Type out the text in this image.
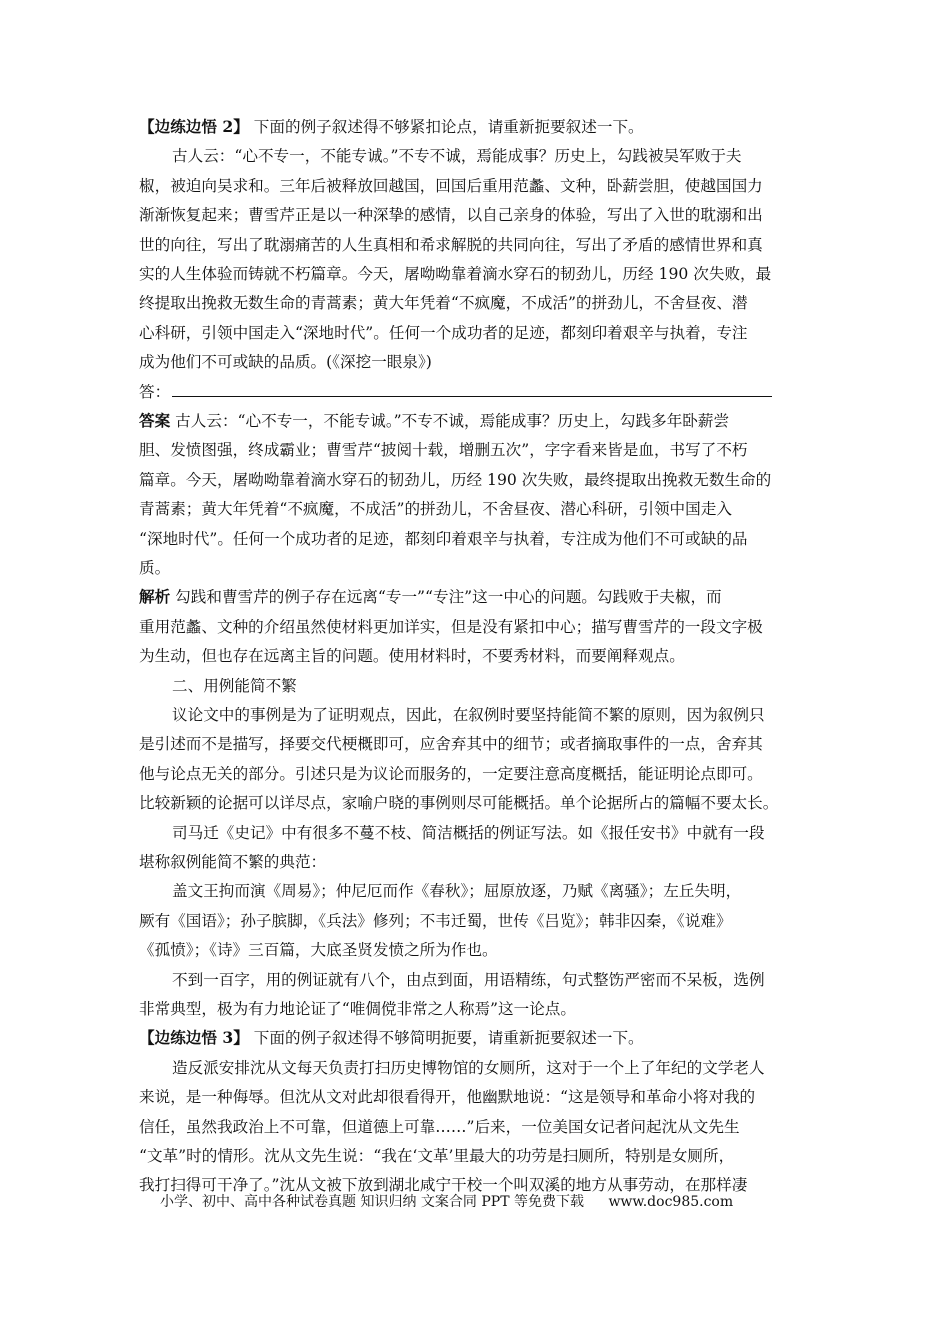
【边练边悟 2】 下面的例子叙述得不够紧扣论点，请重新扼要叙述一下。
古人云：“心不专一，不能专诚。”不专不诚，焉能成事？历史上，勾践被吴军败于夫
椒，被迫向吴求和。三年后被释放回越国，回国后重用范蠡、文种，卧薪尝胆，使越国国力
渐渐恢复起来；曹雪芹正是以一种深挚的感情，以自己亲身的体验，写出了入世的耽溺和出
世的向往，写出了耽溺痛苦的人生真相和希求解脱的共同向往，写出了矛盾的感情世界和真
实的人生体验而铸就不朽篇章。今天，屠呦呦靠着滴水穿石的韧劲儿，历经 190 次失败，最
终提取出挽救无数生命的青蒿素；黄大年凭着“不疯魔，不成活”的拼劲儿，不舍昼夜、潜
心科研，引领中国走入“深地时代”。任何一个成功者的足迹，都刻印着艰辛与执着，专注
成为他们不可或缺的品质。(《深挖一眼泉》)
答：
答案 古人云：“心不专一，不能专诚。”不专不诚，焉能成事？历史上，勾践多年卧薪尝
胆、发愤图强，终成霸业；曹雪芹“披阅十载，增删五次”，字字看来皆是血，书写了不朽
篇章。今天，屠呦呦靠着滴水穿石的韧劲儿，历经 190 次失败，最终提取出挽救无数生命的
青蒿素；黄大年凭着“不疯魔，不成活”的拼劲儿，不舍昼夜、潜心科研，引领中国走入
“深地时代”。任何一个成功者的足迹，都刻印着艰辛与执着，专注成为他们不可或缺的品
质。
解析 勾践和曹雪芹的例子存在远离“专一”“专注”这一中心的问题。勾践败于夫椒，而
重用范蠡、文种的介绍虽然使材料更加详实，但是没有紧扣中心；描写曹雪芹的一段文字极
为生动，但也存在远离主旨的问题。使用材料时，不要秀材料，而要阐释观点。
二、用例能简不繁
议论文中的事例是为了证明观点，因此，在叙例时要坚持能简不繁的原则，因为叙例只
是引述而不是描写，择要交代梗概即可，应舍弃其中的细节；或者摘取事件的一点，舍弃其
他与论点无关的部分。引述只是为议论而服务的，一定要注意高度概括，能证明论点即可。
比较新颖的论据可以详尽点，家喻户晓的事例则尽可能概括。单个论据所占的篇幅不要太长。
司马迁《史记》中有很多不蔓不枝、简洁概括的例证写法。如《报任安书》中就有一段
堪称叙例能简不繁的典范：
盖文王拘而演《周易》；仲尼厄而作《春秋》；屈原放逐，乃赋《离骚》；左丘失明，
厥有《国语》；孙子膑脚，《兵法》修列；不韦迁蜀，世传《吕览》；韩非囚秦，《说难》
《孤愤》；《诗》三百篇，大底圣贤发愤之所为作也。
不到一百字，用的例证就有八个，由点到面，用语精练，句式整饬严密而不呆板，选例
非常典型，极为有力地论证了“唯倜傥非常之人称焉”这一论点。
【边练边悟 3】 下面的例子叙述得不够简明扼要，请重新扼要叙述一下。
造反派安排沈从文每天负责打扫历史博物馆的女厕所，这对于一个上了年纪的文学老人
来说，是一种侮辱。但沈从文对此却很看得开，他幽默地说：“这是领导和革命小将对我的
信任，虽然我政治上不可靠，但道德上可靠……”后来，一位美国女记者问起沈从文先生
“文革”时的情形。沈从文先生说：“我在‘文革’里最大的功劳是扫厕所，特别是女厕所，
我打扫得可干净了。”沈从文被下放到湖北咸宁干校一个叫双溪的地方从事劳动，在那样凄
小学、初中、高中各种试卷真题 知识归纳 文案合同 PPT 等免费下载 www.doc985.com
